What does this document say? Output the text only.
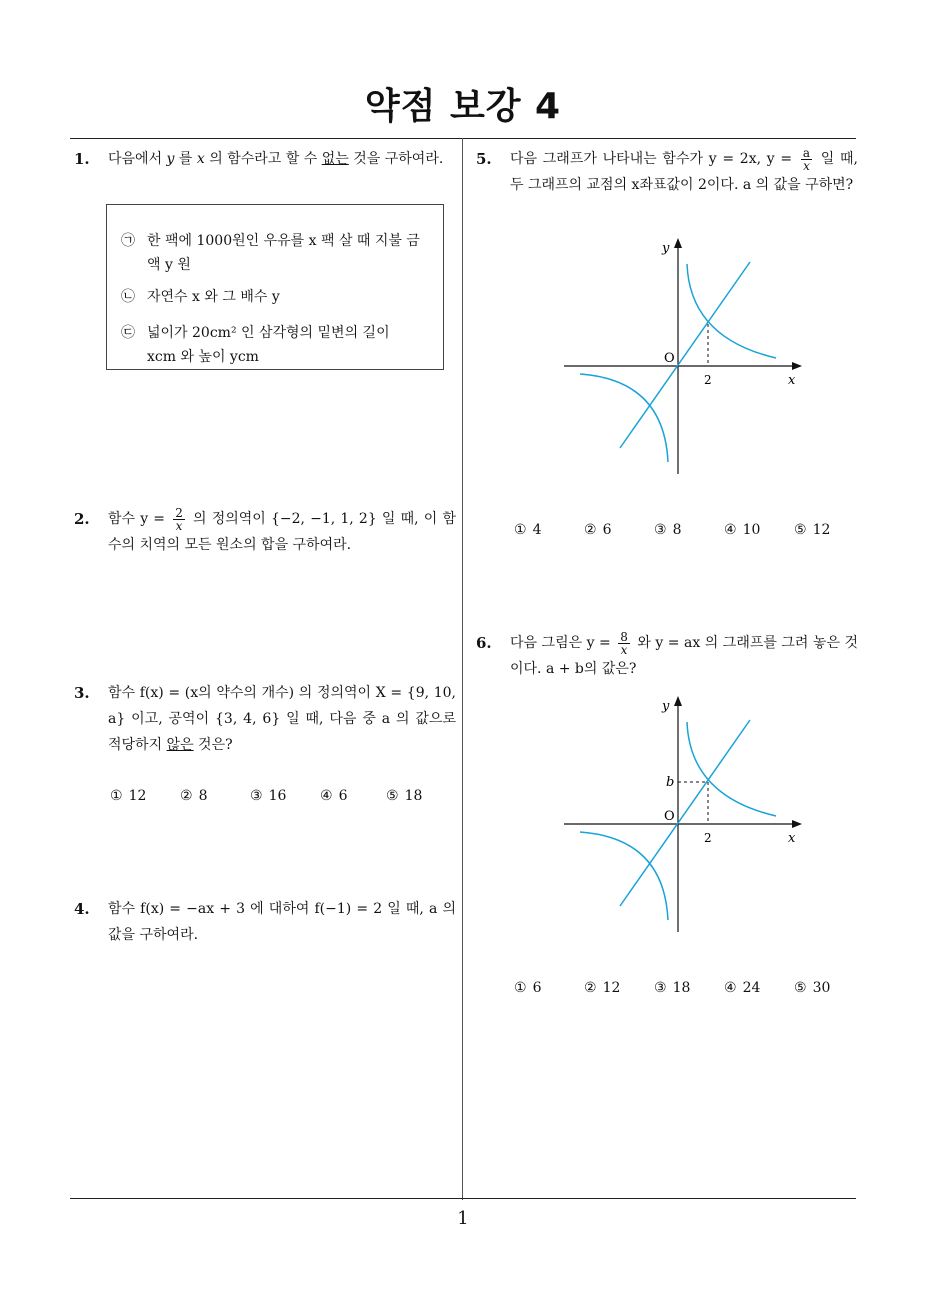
약점 보강 4
1
1. 다음에서 y 를 x 의 함수라고 할 수 없는 것을 구하여라.
㉠ 한 팩에 1000원인 우유를 x 팩 살 때 지불 금액 y 원
㉡ 자연수 x 와 그 배수 y
㉢ 넓이가 20cm² 인 삼각형의 밑변의 길이 xcm 와 높이 ycm
2. 함수 $y = \frac{2}{x}$ 의 정의역이 {−2, −1, 1, 2} 일 때, 이 함수의 치역의 모든 원소의 합을 구하여라.
3. 함수 f(x) = (x의 약수의 개수) 의 정의역이 X = {9, 10, a} 이고, 공역이 {3, 4, 6} 일 때, 다음 중 a 의 값으로 적당하지 않은 것은?
① 12 ② 8	③ 16 ④ 6	⑤ 18
4. 함수 f(x) = −ax + 3 에 대하여 f(−1) = 2 일 때, a 의 값을 구하여라.
5. 다음 그래프가 나타내는 함수가 y = 2x, $y = \frac{a}{x}$ 일 때, 두 그래프의 교점의 x좌표값이 2이다. a 의 값을 구하면?
y
O
2	x
① 4	② 6	③ 8	④ 10 ⑤ 12
6. 다음 그림은 $y = \frac{8}{x}$ 와 y = ax 의 그래프를 그려 놓은 것이다. a + b의 값은?
y
b
O
2	x
① 6	② 12 ③ 18 ④ 24 ⑤ 30
